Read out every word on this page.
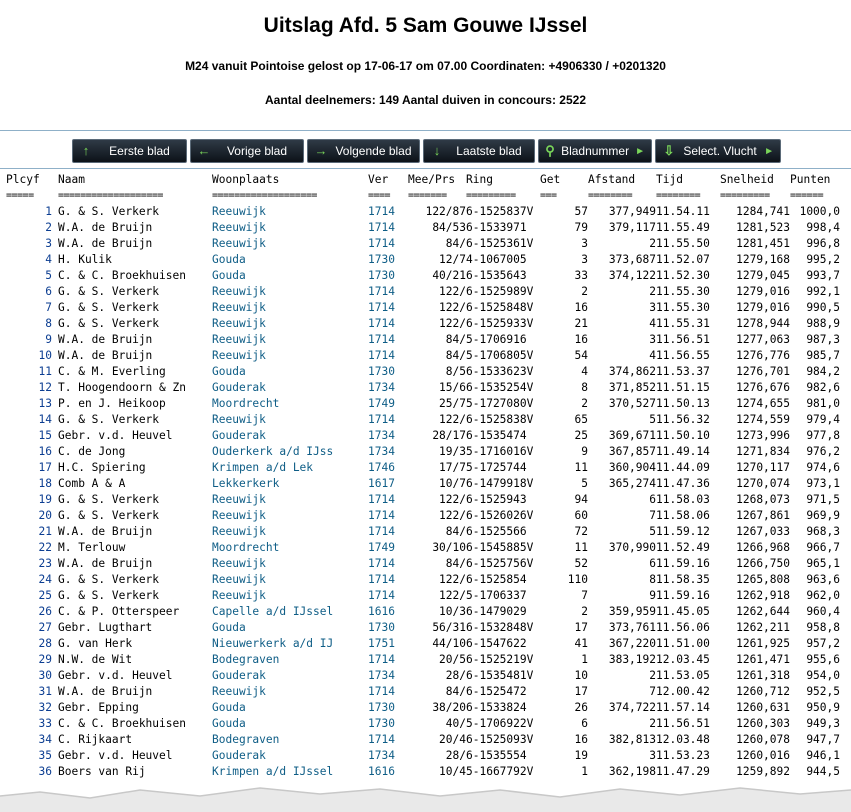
Uitslag Afd. 5 Sam Gouwe IJssel
M24 vanuit Pointoise gelost op 17-06-17 om 07.00 Coordinaten: +4906330 / +0201320
Aantal deelnemers: 149 Aantal duiven in concours: 2522
↑	Eerste blad	←	Vorige blad	→ Volgende blad ↓	Laatste blad	⚲ Bladnummer ► ⇩ Select. Vlucht ►
Plcyf	Naam	Woonplaats	Ver	Mee/Prs	Ring	Get	Afstand	Tijd	Snelheid	Punten
=====	===================	===================	====	=======	=========	===	========	========	=========	======
1	G. & S. Verkerk	Reeuwijk	1714	122/87	6-1525837V	57	377,949	11.54.11	1284,741	1000,0
2	W.A. de Bruijn	Reeuwijk	1714	84/53	6-1533971	79	379,117	11.55.49	1281,523	998,4
3	W.A. de Bruijn	Reeuwijk	1714	84/	6-1525361V	3	2	11.55.50	1281,451	996,8
4	H. Kulik	Gouda	1730	12/7	4-1067005	3	373,687	11.52.07	1279,168	995,2
5	C. & C. Broekhuisen	Gouda	1730	40/21	6-1535643	33	374,122	11.52.30	1279,045	993,7
6	G. & S. Verkerk	Reeuwijk	1714	122/	6-1525989V	2	2	11.55.30	1279,016	992,1
7	G. & S. Verkerk	Reeuwijk	1714	122/	6-1525848V	16	3	11.55.30	1279,016	990,5
8	G. & S. Verkerk	Reeuwijk	1714	122/	6-1525933V	21	4	11.55.31	1278,944	988,9
9	W.A. de Bruijn	Reeuwijk	1714	84/	5-1706916	16	3	11.56.51	1277,063	987,3
10	W.A. de Bruijn	Reeuwijk	1714	84/	5-1706805V	54	4	11.56.55	1276,776	985,7
11	C. & M. Everling	Gouda	1730	8/5	6-1533623V	4	374,862	11.53.37	1276,701	984,2
12	T. Hoogendoorn & Zn	Gouderak	1734	15/6	6-1535254V	8	371,852	11.51.15	1276,676	982,6
13	P. en J. Heikoop	Moordrecht	1749	25/7	5-1727080V	2	370,527	11.50.13	1274,655	981,0
14	G. & S. Verkerk	Reeuwijk	1714	122/	6-1525838V	65	5	11.56.32	1274,559	979,4
15	Gebr. v.d. Heuvel	Gouderak	1734	28/17	6-1535474	25	369,671	11.50.10	1273,996	977,8
16	C. de Jong	Ouderkerk a/d IJss	1734	19/3	5-1716016V	9	367,857	11.49.14	1271,834	976,2
17	H.C. Spiering	Krimpen a/d Lek	1746	17/7	5-1725744	11	360,904	11.44.09	1270,117	974,6
18	Comb A & A	Lekkerkerk	1617	10/7	6-1479918V	5	365,274	11.47.36	1270,074	973,1
19	G. & S. Verkerk	Reeuwijk	1714	122/	6-1525943	94	6	11.58.03	1268,073	971,5
20	G. & S. Verkerk	Reeuwijk	1714	122/	6-1526026V	60	7	11.58.06	1267,861	969,9
21	W.A. de Bruijn	Reeuwijk	1714	84/	6-1525566	72	5	11.59.12	1267,033	968,3
22	M. Terlouw	Moordrecht	1749	30/10	6-1545885V	11	370,990	11.52.49	1266,968	966,7
23	W.A. de Bruijn	Reeuwijk	1714	84/	6-1525756V	52	6	11.59.16	1266,750	965,1
24	G. & S. Verkerk	Reeuwijk	1714	122/	6-1525854	110	8	11.58.35	1265,808	963,6
25	G. & S. Verkerk	Reeuwijk	1714	122/	5-1706337	7	9	11.59.16	1262,918	962,0
26	C. & P. Otterspeer	Capelle a/d IJssel	1616	10/3	6-1479029	2	359,959	11.45.05	1262,644	960,4
27	Gebr. Lugthart	Gouda	1730	56/31	6-1532848V	17	373,761	11.56.06	1262,211	958,8
28	G. van Herk	Nieuwerkerk a/d IJ	1751	44/10	6-1547622	41	367,220	11.51.00	1261,925	957,2
29	N.W. de Wit	Bodegraven	1714	20/5	6-1525219V	1	383,192	12.03.45	1261,471	955,6
30	Gebr. v.d. Heuvel	Gouderak	1734	28/	6-1535481V	10	2	11.53.05	1261,318	954,0
31	W.A. de Bruijn	Reeuwijk	1714	84/	6-1525472	17	7	12.00.42	1260,712	952,5
32	Gebr. Epping	Gouda	1730	38/20	6-1533824	26	374,722	11.57.14	1260,631	950,9
33	C. & C. Broekhuisen	Gouda	1730	40/	5-1706922V	6	2	11.56.51	1260,303	949,3
34	C. Rijkaart	Bodegraven	1714	20/4	6-1525093V	16	382,813	12.03.48	1260,078	947,7
35	Gebr. v.d. Heuvel	Gouderak	1734	28/	6-1535554	19	3	11.53.23	1260,016	946,1
36	Boers van Rij	Krimpen a/d IJssel	1616	10/4	5-1667792V	1	362,198	11.47.29	1259,892	944,5
